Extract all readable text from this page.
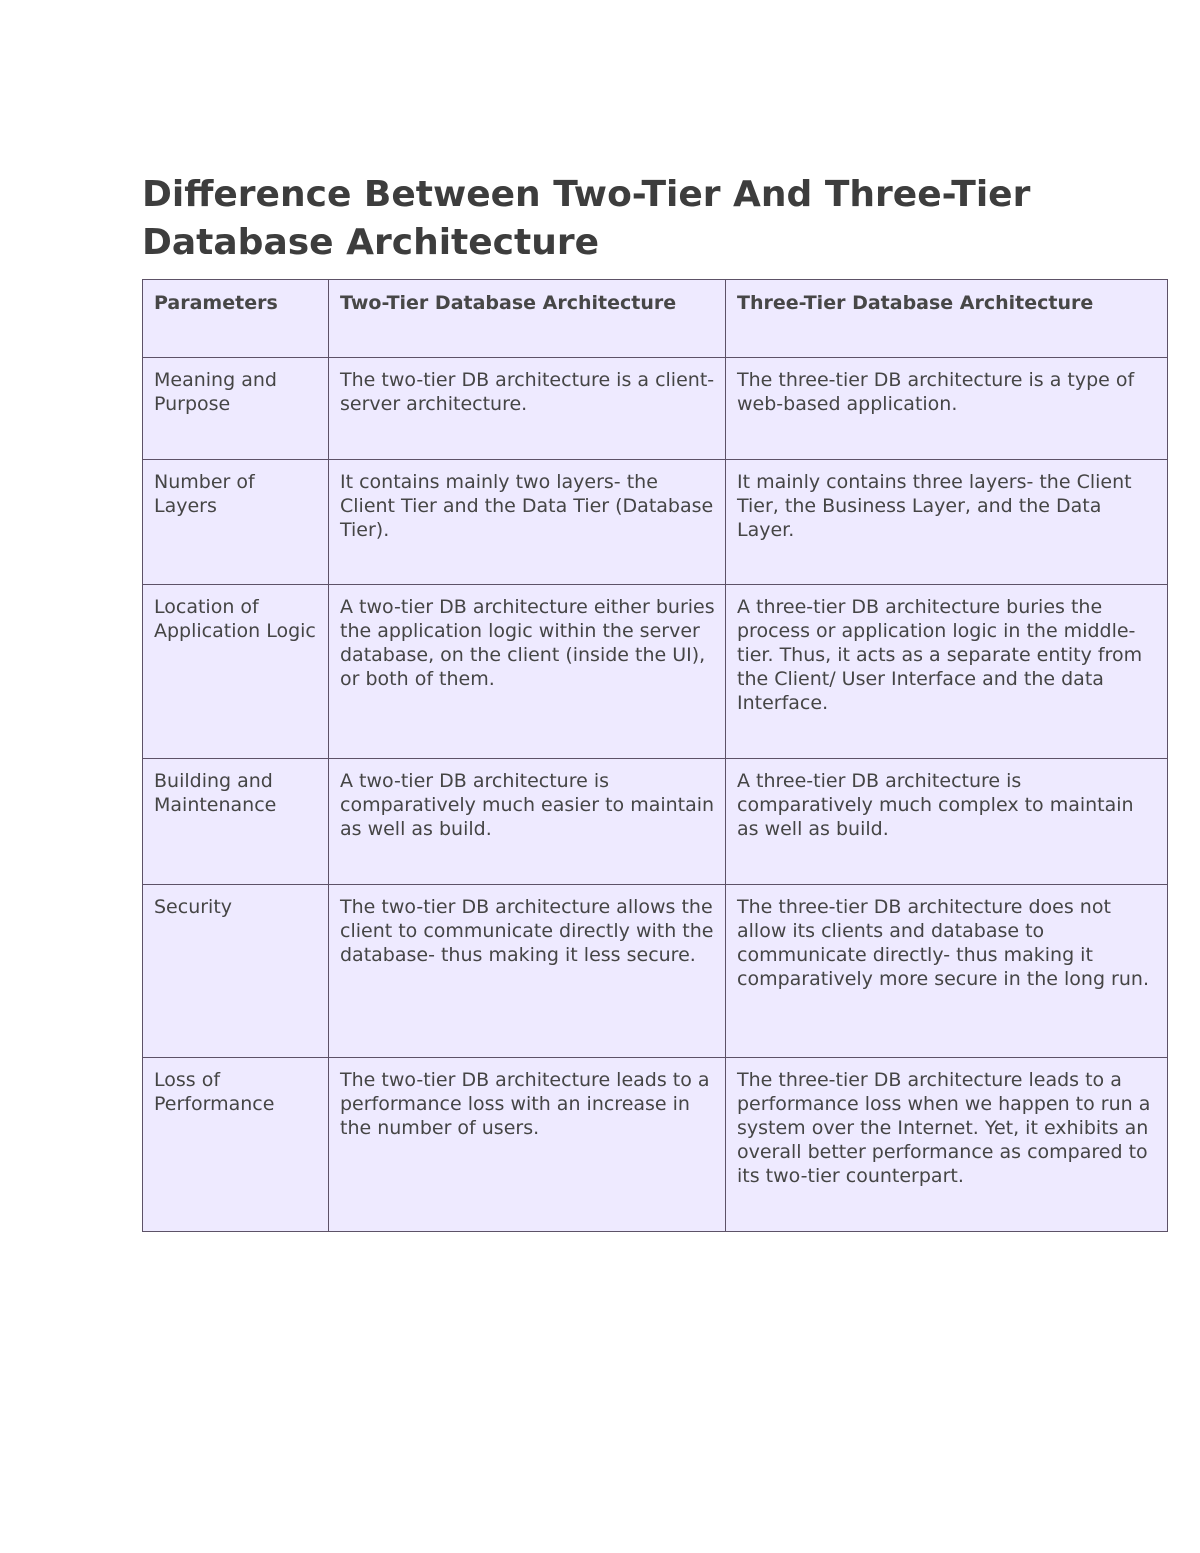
Difference Between Two-Tier And Three-Tier Database Architecture
Parameters	Two-Tier Database Architecture	Three-Tier Database Architecture
Meaning and Purpose	The two-tier DB architecture is a client-server architecture.	The three-tier DB architecture is a type of web-based application.
Number of Layers	It contains mainly two layers- the Client Tier and the Data Tier (Database Tier).	It mainly contains three layers- the Client Tier, the Business Layer, and the Data Layer.
Location of Application Logic	A two-tier DB architecture either buries the application logic within the server database, on the client (inside the UI), or both of them.	A three-tier DB architecture buries the process or application logic in the middle-tier. Thus, it acts as a separate entity from the Client/ User Interface and the data Interface.
Building and Maintenance	A two-tier DB architecture is comparatively much easier to maintain as well as build.	A three-tier DB architecture is comparatively much complex to maintain as well as build.
Security	The two-tier DB architecture allows the client to communicate directly with the database- thus making it less secure.	The three-tier DB architecture does not allow its clients and database to communicate directly- thus making it comparatively more secure in the long run.
Loss of Performance	The two-tier DB architecture leads to a performance loss with an increase in the number of users.	The three-tier DB architecture leads to a performance loss when we happen to run a system over the Internet. Yet, it exhibits an overall better performance as compared to its two-tier counterpart.
